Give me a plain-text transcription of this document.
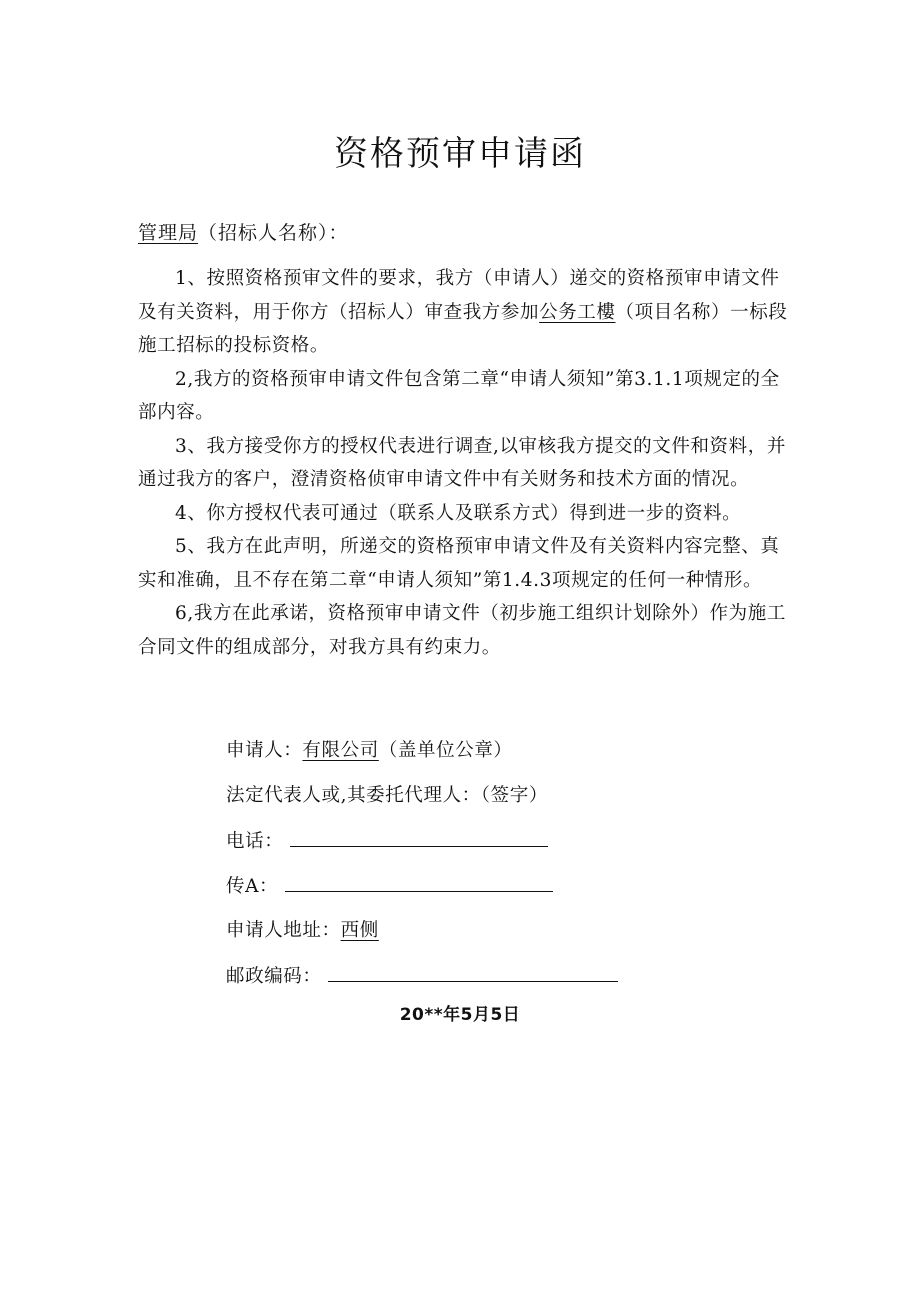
资格预审申请函
管理局（招标人名称）：

1、按照资格预审文件的要求，我方（申请人）递交的资格预审申请文件及有关资料，用于你方（招标人）审查我方参加公务工樓（项目名称）一标段施工招标的投标资格。

2,我方的资格预审申请文件包含第二章“申请人须知”第3.1.1项规定的全部内容。

3、我方接受你方的授权代表进行调查,以审核我方提交的文件和资料，并通过我方的客户，澄清资格侦审申请文件中有关财务和技术方面的情况。

4、你方授权代表可通过（联系人及联系方式）得到进一步的资料。

5、我方在此声明，所递交的资格预审申请文件及有关资料内容完整、真实和准确，且不存在第二章“申请人须知”第1.4.3项规定的任何一种情形。

6,我方在此承诺，资格预审申请文件（初步施工组织计划除外）作为施工合同文件的组成部分，对我方具有约束力。

申请人：有限公司（盖单位公章）
法定代表人或,其委托代理人：（签字）
电话：
传A：
申请人地址：西侧
邮政编码：
20**年5月5日
